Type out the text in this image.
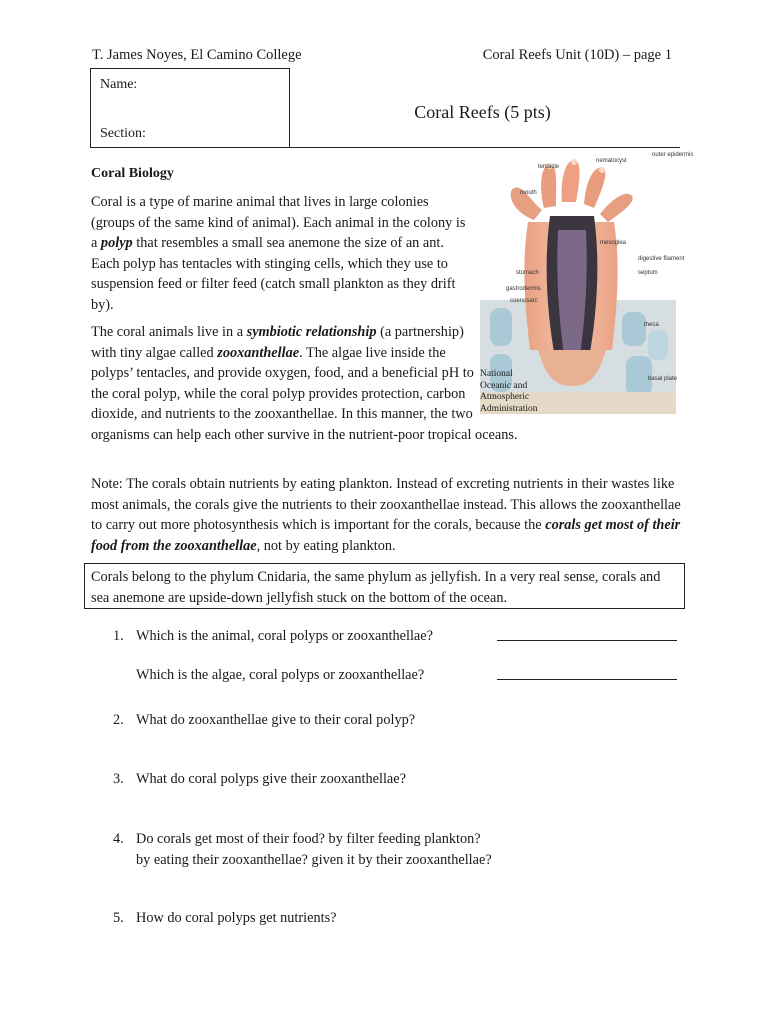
T. James Noyes, El Camino College	Coral Reefs Unit (10D) – page 1
Name:
Section:
Coral Reefs (5 pts)
Coral Biology
Coral is a type of marine animal that lives in large colonies (groups of the same kind of animal). Each animal in the colony is a polyp that resembles a small sea anemone the size of an ant. Each polyp has tentacles with stinging cells, which they use to suspension feed or filter feed (catch small plankton as they drift by).
The coral animals live in a symbiotic relationship (a partnership) with tiny algae called zooxanthellae. The algae live inside the polyps’ tentacles, and provide oxygen, food, and a beneficial pH to the coral polyp, while the coral polyp provides protection, carbon dioxide, and nutrients to the zooxanthellae. In this manner, the two organisms can help each other survive in the nutrient-poor tropical oceans.
Note: The corals obtain nutrients by eating plankton. Instead of excreting nutrients in their wastes like most animals, the corals give the nutrients to their zooxanthellae instead. This allows the zooxanthellae to carry out more photosynthesis which is important for the corals, because the corals get most of their food from the zooxanthellae, not by eating plankton.
Corals belong to the phylum Cnidaria, the same phylum as jellyfish. In a very real sense, corals and sea anemone are upside-down jellyfish stuck on the bottom of the ocean.
1. Which is the animal, coral polyps or zooxanthellae?
Which is the algae, coral polyps or zooxanthellae?
2. What do zooxanthellae give to their coral polyp?
3. What do coral polyps give their zooxanthellae?
4. Do corals get most of their food? by filter feeding plankton?
by eating their zooxanthellae? given it by their zooxanthellae?
5. How do coral polyps get nutrients?
tentacle
nematocyst
outer epidermis
mouth
mesoglea
digestive filament
stomach	septum
gastrodermis
coenosarc
theca
basal plate
National
Oceanic and
Atmospheric
Administration
